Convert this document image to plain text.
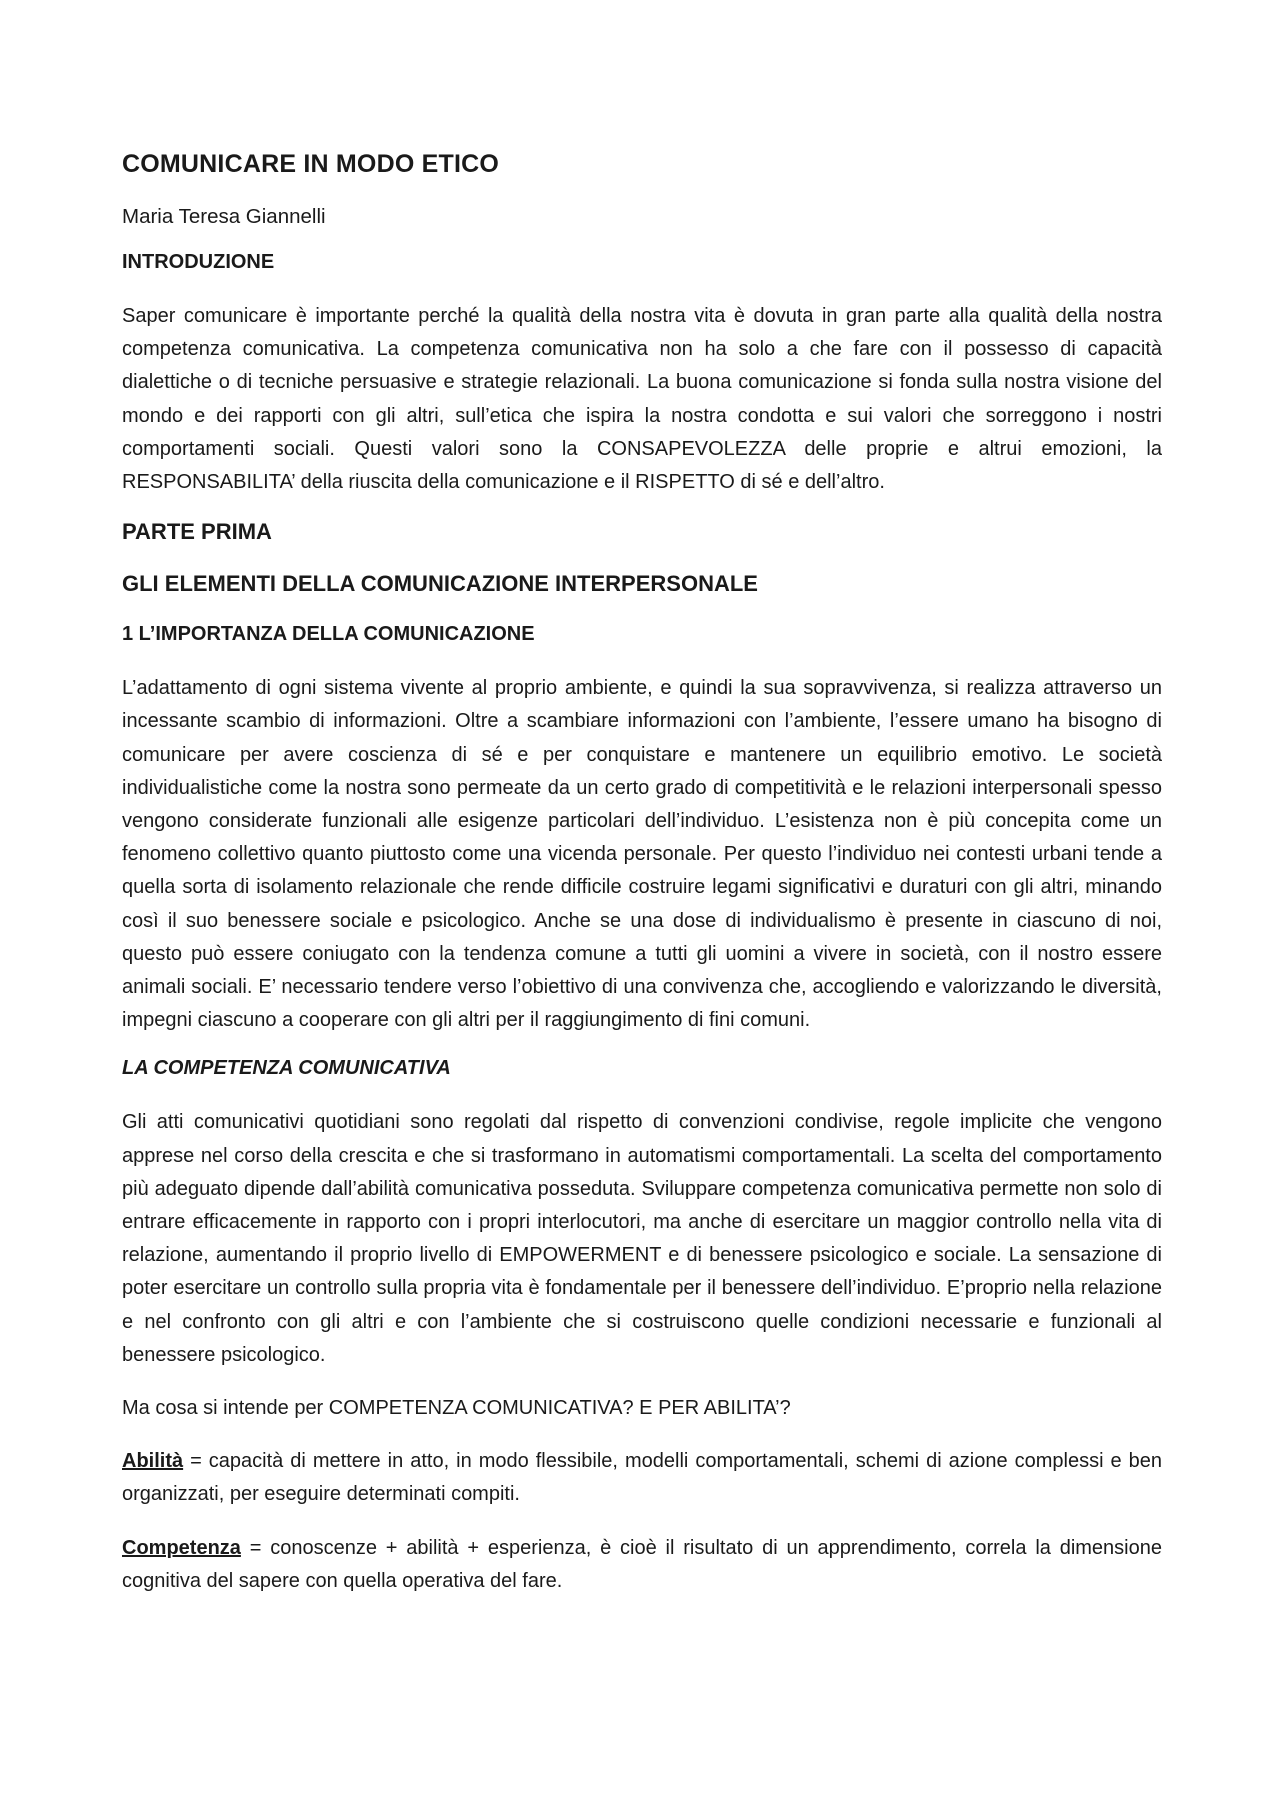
COMUNICARE IN MODO ETICO
Maria Teresa Giannelli
INTRODUZIONE

Saper comunicare è importante perché la qualità della nostra vita è dovuta in gran parte alla qualità della nostra competenza comunicativa. La competenza comunicativa non ha solo a che fare con il possesso di capacità dialettiche o di tecniche persuasive e strategie relazionali. La buona comunicazione si fonda sulla nostra visione del mondo e dei rapporti con gli altri, sull’etica che ispira la nostra condotta e sui valori che sorreggono i nostri comportamenti sociali. Questi valori sono la CONSAPEVOLEZZA delle proprie e altrui emozioni, la RESPONSABILITA’ della riuscita della comunicazione e il RISPETTO di sé e dell’altro.

PARTE PRIMA
GLI ELEMENTI DELLA COMUNICAZIONE INTERPERSONALE
1 L’IMPORTANZA DELLA COMUNICAZIONE

L’adattamento di ogni sistema vivente al proprio ambiente, e quindi la sua sopravvivenza, si realizza attraverso un incessante scambio di informazioni. Oltre a scambiare informazioni con l’ambiente, l’essere umano ha bisogno di comunicare per avere coscienza di sé e per conquistare e mantenere un equilibrio emotivo. Le società individualistiche come la nostra sono permeate da un certo grado di competitività e le relazioni interpersonali spesso vengono considerate funzionali alle esigenze particolari dell’individuo. L’esistenza non è più concepita come un fenomeno collettivo quanto piuttosto come una vicenda personale. Per questo l’individuo nei contesti urbani tende a quella sorta di isolamento relazionale che rende difficile costruire legami significativi e duraturi con gli altri, minando così il suo benessere sociale e psicologico. Anche se una dose di individualismo è presente in ciascuno di noi, questo può essere coniugato con la tendenza comune a tutti gli uomini a vivere in società, con il nostro essere animali sociali. E’ necessario tendere verso l’obiettivo di una convivenza che, accogliendo e valorizzando le diversità, impegni ciascuno a cooperare con gli altri per il raggiungimento di fini comuni.

LA COMPETENZA COMUNICATIVA

Gli atti comunicativi quotidiani sono regolati dal rispetto di convenzioni condivise, regole implicite che vengono apprese nel corso della crescita e che si trasformano in automatismi comportamentali. La scelta del comportamento più adeguato dipende dall’abilità comunicativa posseduta. Sviluppare competenza comunicativa permette non solo di entrare efficacemente in rapporto con i propri interlocutori, ma anche di esercitare un maggior controllo nella vita di relazione, aumentando il proprio livello di EMPOWERMENT e di benessere psicologico e sociale. La sensazione di poter esercitare un controllo sulla propria vita è fondamentale per il benessere dell’individuo. E’proprio nella relazione e nel confronto con gli altri e con l’ambiente che si costruiscono quelle condizioni necessarie e funzionali al benessere psicologico.

Ma cosa si intende per COMPETENZA COMUNICATIVA? E PER ABILITA’?

Abilità = capacità di mettere in atto, in modo flessibile, modelli comportamentali, schemi di azione complessi e ben organizzati, per eseguire determinati compiti.

Competenza = conoscenze + abilità + esperienza, è cioè il risultato di un apprendimento, correla la dimensione cognitiva del sapere con quella operativa del fare.
